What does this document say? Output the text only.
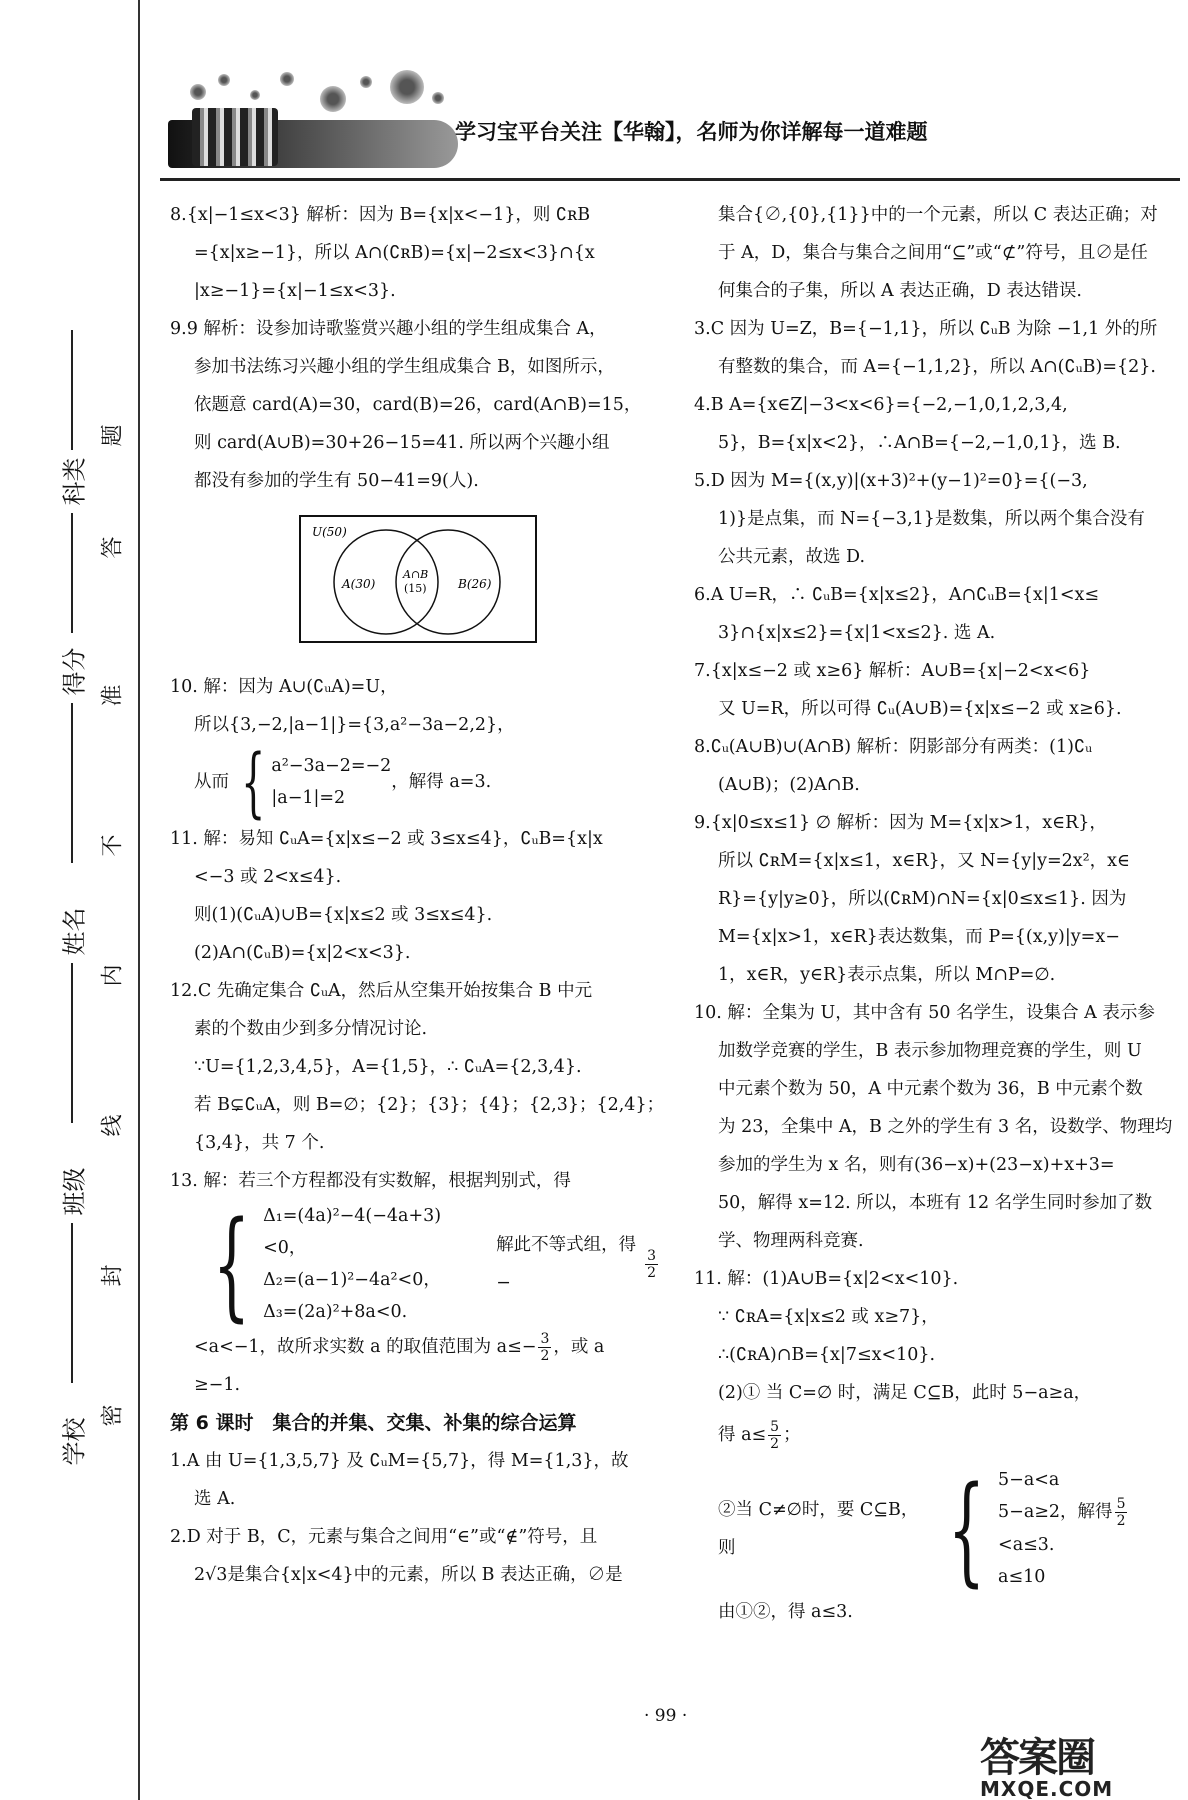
科类
得分
姓名
班级
学校
题
答
准
不
内
线
封
密
学习宝平台关注【华翰】，名师为你详解每一道难题

8.{x|−1≤x<3} 解析：因为 B={x|x<−1}，则 ∁ʀB

={x|x≥−1}，所以 A∩(∁ʀB)={x|−2≤x<3}∩{x

|x≥−1}={x|−1≤x<3}.

9.9 解析：设参加诗歌鉴赏兴趣小组的学生组成集合 A，

参加书法练习兴趣小组的学生组成集合 B，如图所示，

依题意 card(A)=30，card(B)=26，card(A∩B)=15，

则 card(A∪B)=30+26−15=41. 所以两个兴趣小组

都没有参加的学生有 50−41=9(人).

U(50)
A(30)
A∩B
(15)	B(26)

10. 解：因为 A∪(∁ᵤA)=U，

所以{3,−2,|a−1|}={3,a²−3a−2,2}，

从而 { a²−3a−2=−2
|a−1|=2
，解得 a=3.

11. 解：易知 ∁ᵤA={x|x≤−2 或 3≤x≤4}，∁ᵤB={x|x

<−3 或 2<x≤4}.

则(1)(∁ᵤA)∪B={x|x≤2 或 3≤x≤4}.

(2)A∩(∁ᵤB)={x|2<x<3}.

12.C 先确定集合 ∁ᵤA，然后从空集开始按集合 B 中元

素的个数由少到多分情况讨论.

∵U={1,2,3,4,5}，A={1,5}，∴ ∁ᵤA={2,3,4}.

若 B⊊∁ᵤA，则 B=∅；{2}；{3}；{4}；{2,3}；{2,4}；

{3,4}，共 7 个.

13. 解：若三个方程都没有实数解，根据判别式，得

{ Δ₁=(4a)²−4(−4a+3)<0，
Δ₂=(a−1)²−4a²<0，
Δ₃=(2a)²+8a<0.
解此不等式组，得 −
$\frac{3}{2}$

<a<−1，故所求实数 a 的取值范围为 $a\le- \frac{3}{2}$ ，或 a

≥−1.

第 6 课时　集合的并集、交集、补集的综合运算

1.A 由 U={1,3,5,7} 及 ∁ᵤM={5,7}，得 M={1,3}，故

选 A.

2.D 对于 B，C，元素与集合之间用“∈”或“∉”符号，且

2√3是集合{x|x<4}中的元素，所以 B 表达正确，∅是

集合{∅,{0},{1}}中的一个元素，所以 C 表达正确；对

于 A，D，集合与集合之间用“⊆”或“⊄”符号，且∅是任

何集合的子集，所以 A 表达正确，D 表达错误.

3.C 因为 U=Z，B={−1,1}，所以 ∁ᵤB 为除 −1,1 外的所

有整数的集合，而 A={−1,1,2}，所以 A∩(∁ᵤB)={2}.

4.B A={x∈Z|−3<x<6}={−2,−1,0,1,2,3,4,

5}，B={x|x<2}，∴A∩B={−2,−1,0,1}，选 B.

5.D 因为 M={(x,y)|(x+3)²+(y−1)²=0}={(−3,

1)}是点集，而 N={−3,1}是数集，所以两个集合没有

公共元素，故选 D.

6.A U=R，∴ ∁ᵤB={x|x≤2}，A∩∁ᵤB={x|1<x≤

3}∩{x|x≤2}={x|1<x≤2}. 选 A.

7.{x|x≤−2 或 x≥6} 解析：A∪B={x|−2<x<6}

又 U=R，所以可得 ∁ᵤ(A∪B)={x|x≤−2 或 x≥6}.

8.∁ᵤ(A∪B)∪(A∩B) 解析：阴影部分有两类：(1)∁ᵤ

(A∪B)；(2)A∩B.

9.{x|0≤x≤1} ∅ 解析：因为 M={x|x>1，x∈R}，

所以 ∁ʀM={x|x≤1，x∈R}，又 N={y|y=2x²，x∈

R}={y|y≥0}，所以(∁ʀM)∩N={x|0≤x≤1}. 因为

M={x|x>1，x∈R}表达数集，而 P={(x,y)|y=x−

1，x∈R，y∈R}表示点集，所以 M∩P=∅.

10. 解：全集为 U，其中含有 50 名学生，设集合 A 表示参

加数学竞赛的学生，B 表示参加物理竞赛的学生，则 U

中元素个数为 50，A 中元素个数为 36，B 中元素个数

为 23，全集中 A，B 之外的学生有 3 名，设数学、物理均

参加的学生为 x 名，则有(36−x)+(23−x)+x+3=

50，解得 x=12. 所以，本班有 12 名学生同时参加了数

学、物理两科竞赛.

11. 解：(1)A∪B={x|2<x<10}.

∵ ∁ʀA={x|x≤2 或 x≥7}，

∴(∁ʀA)∩B={x|7≤x<10}.

(2)① 当 C=∅ 时，满足 C⊆B，此时 5−a≥a，

得 $a\le \frac{5}{2}$ ；

②当 C≠∅时，要 C⊆B，则	{ 5−a<a
5−a≥2，解得 $\frac{5}{2}$
<a≤3.
a≤10

由①②，得 a≤3.

· 99 ·
答案圈
MXQE.COM
